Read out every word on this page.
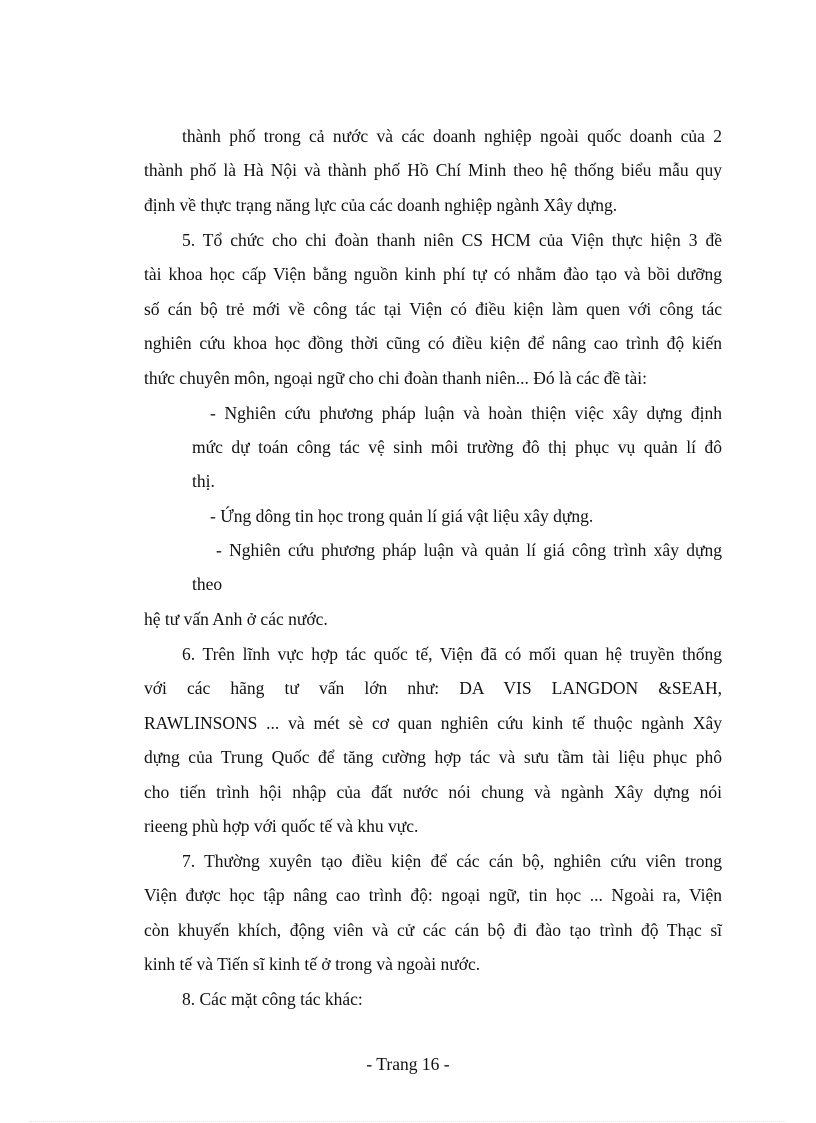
thành phố trong cả nước và các doanh nghiệp ngoài quốc doanh của 2

thành phố là Hà Nội và thành phố Hồ Chí Minh theo hệ thống biểu mẫu quy

định về thực trạng năng lực của các doanh nghiệp ngành Xây dựng.

5. Tổ chức cho chi đoàn thanh niên CS HCM của Viện thực hiện 3 đề

tài khoa học cấp Viện bằng nguồn kinh phí tự có nhằm đào tạo và bồi dưỡng

số cán bộ trẻ mới về công tác tại Viện có điều kiện làm quen với công tác

nghiên cứu khoa học đồng thời cũng có điều kiện để nâng cao trình độ kiến

thức chuyên môn, ngoại ngữ cho chi đoàn thanh niên... Đó là các đề tài:

- Nghiên cứu phương pháp luận và hoàn thiện việc xây dựng định

mức dự toán công tác vệ sinh môi trường đô thị phục vụ quản lí đô

thị.

- Ứng dông tin học trong quản lí giá vật liệu xây dựng.

- Nghiên cứu phương pháp luận và quản lí giá công trình xây dựng

theo

hệ tư vấn Anh ở các nước.

6. Trên lĩnh vực hợp tác quốc tế, Viện đã có mối quan hệ truyền thống

với các hãng tư vấn lớn như: DA VIS LANGDON &SEAH,

RAWLINSONS ... và mét sè cơ quan nghiên cứu kinh tế thuộc ngành Xây

dựng của Trung Quốc để tăng cường hợp tác và sưu tầm tài liệu phục phô

cho tiến trình hội nhập của đất nước nói chung và ngành Xây dựng nói

rieeng phù hợp với quốc tế và khu vực.

7. Thường xuyên tạo điều kiện để các cán bộ, nghiên cứu viên trong

Viện được học tập nâng cao trình độ: ngoại ngữ, tin học ... Ngoài ra, Viện

còn khuyến khích, động viên và cử các cán bộ đi đào tạo trình độ Thạc sĩ

kinh tế và Tiến sĩ kinh tế ở trong và ngoài nước.

8. Các mặt công tác khác:

- Trang 16 -
